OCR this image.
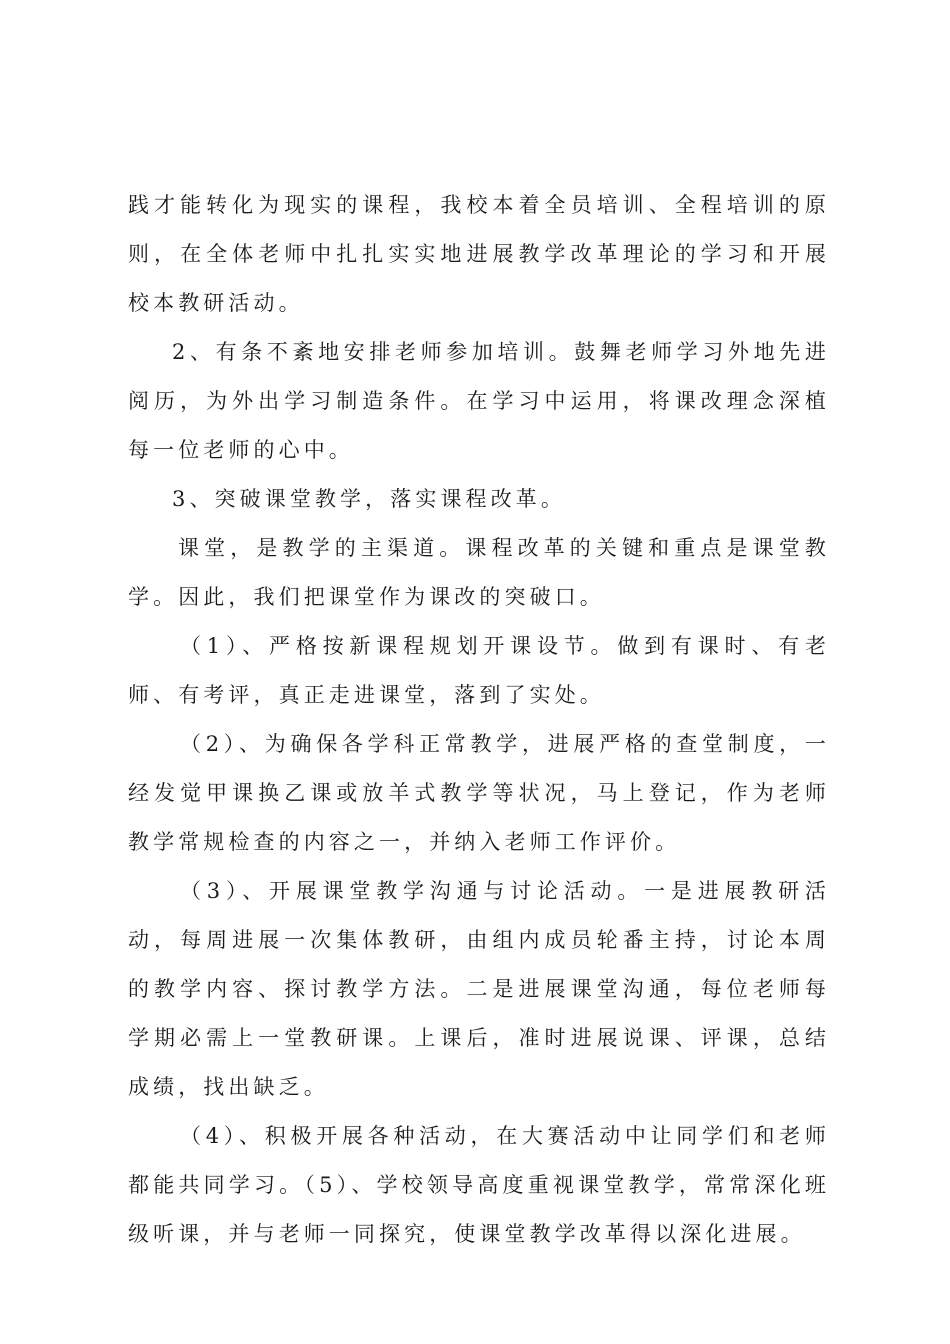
践才能转化为现实的课程，我校本着全员培训、全程培训的原则，在全体老师中扎扎实实地进展教学改革理论的学习和开展校本教研活动。

2、有条不紊地安排老师参加培训。鼓舞老师学习外地先进阅历，为外出学习制造条件。在学习中运用，将课改理念深植每一位老师的心中。

3、突破课堂教学，落实课程改革。

课堂，是教学的主渠道。课程改革的关键和重点是课堂教学。因此，我们把课堂作为课改的突破口。

（1）、严格按新课程规划开课设节。做到有课时、有老师、有考评，真正走进课堂，落到了实处。

（2）、为确保各学科正常教学，进展严格的查堂制度，一经发觉甲课换乙课或放羊式教学等状况，马上登记，作为老师教学常规检查的内容之一，并纳入老师工作评价。

（3）、开展课堂教学沟通与讨论活动。一是进展教研活动，每周进展一次集体教研，由组内成员轮番主持，讨论本周的教学内容、探讨教学方法。二是进展课堂沟通，每位老师每学期必需上一堂教研课。上课后，准时进展说课、评课，总结成绩，找出缺乏。

（4）、积极开展各种活动，在大赛活动中让同学们和老师都能共同学习。（5）、学校领导高度重视课堂教学，常常深化班级听课，并与老师一同探究，使课堂教学改革得以深化进展。
